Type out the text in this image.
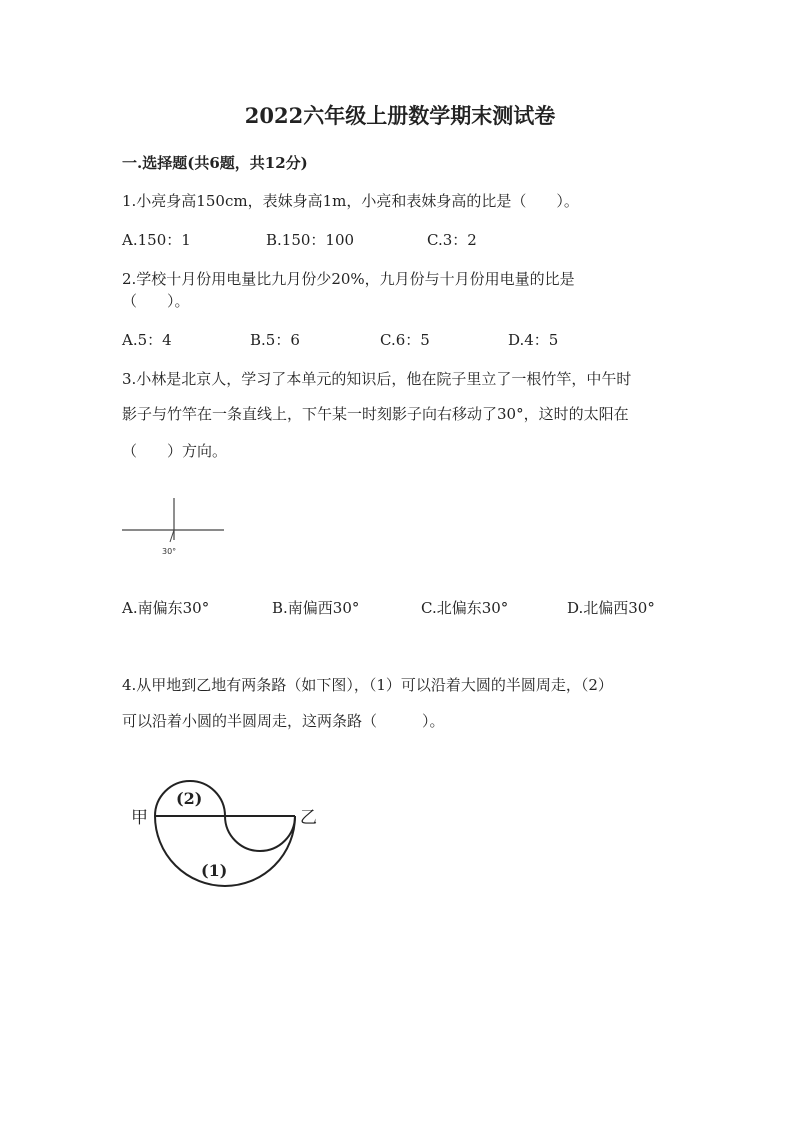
2022六年级上册数学期末测试卷
一.选择题(共6题，共12分)
1.小亮身高150cm，表妹身高1m，小亮和表妹身高的比是（　　）。
A.150：1	B.150：100	C.3：2
2.学校十月份用电量比九月份少20%，九月份与十月份用电量的比是
（　　）。
A.5：4	B.5：6	C.6：5	D.4：5
3.小林是北京人，学习了本单元的知识后，他在院子里立了一根竹竿，中午时
影子与竹竿在一条直线上，下午某一时刻影子向右移动了30°，这时的太阳在
（　　）方向。
30°
A.南偏东30°	B.南偏西30°	C.北偏东30°	D.北偏西30°
4.从甲地到乙地有两条路（如下图），（1）可以沿着大圆的半圆周走，（2）
可以沿着小圆的半圆周走，这两条路（　　　）。
甲	乙
(2)
(1)
